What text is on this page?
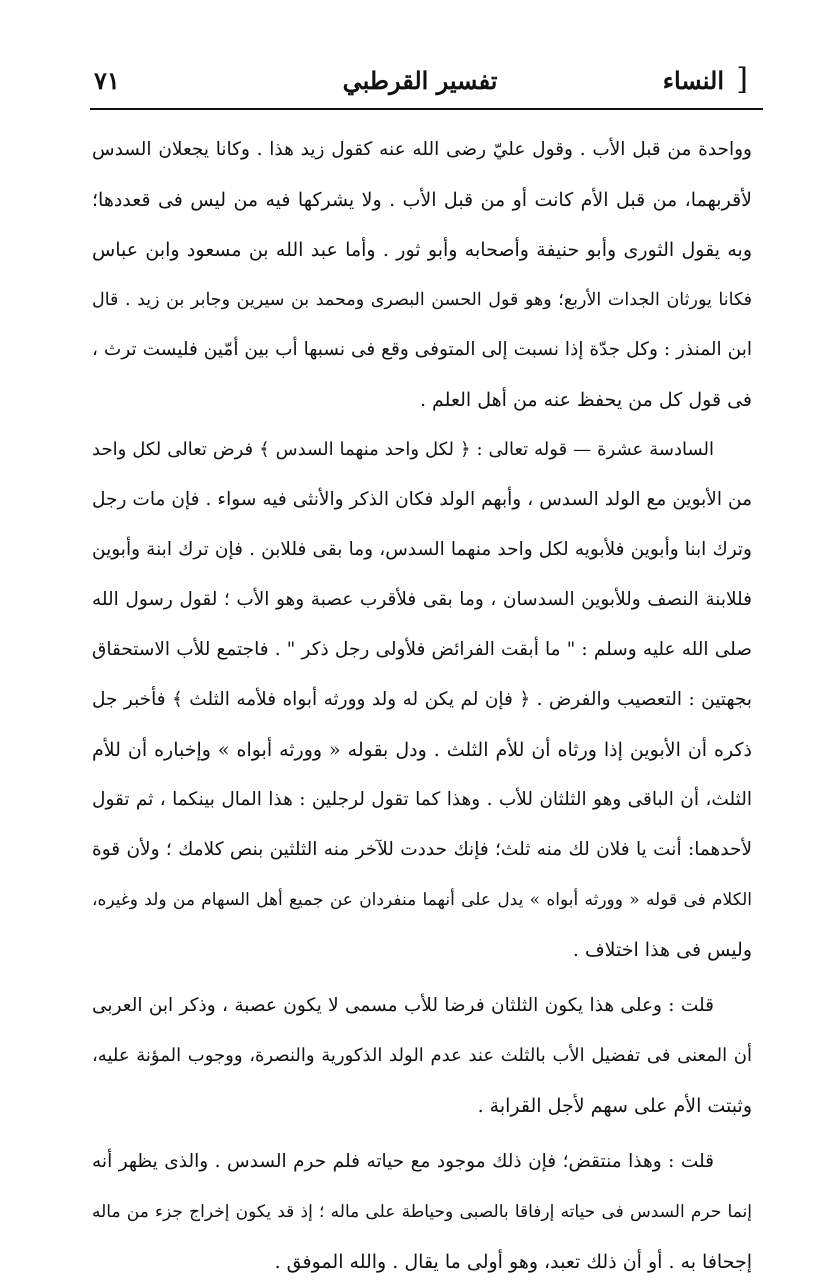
]
النساء
تفسير القرطبي
٧١
وواحدة من قبل الأب . وقول عليّ رضى الله عنه كقول زيد هذا . وكانا يجعلان السدس
لأقربهما، من قبل الأم كانت أو من قبل الأب . ولا يشركها فيه من ليس فى قعددها؛
وبه يقول الثورى وأبو حنيفة وأصحابه وأبو ثور . وأما عبد الله بن مسعود وابن عباس
فكانا يورثان الجدات الأربع؛ وهو قول الحسن البصرى ومحمد بن سيرين وجابر بن زيد . قال
ابن المنذر : وكل جدّة إذا نسبت إلى المتوفى وقع فى نسبها أب بين أمّين فليست ترث ،
فى قول كل من يحفظ عنه من أهل العلم .
السادسة عشرة — قوله تعالى : ﴿ لكل واحد منهما السدس ﴾ فرض تعالى لكل واحد
من الأبوين مع الولد السدس ، وأبهم الولد فكان الذكر والأنثى فيه سواء . فإن مات رجل
وترك ابنا وأبوين فلأبويه لكل واحد منهما السدس، وما بقى فللابن . فإن ترك ابنة وأبوين
فللابنة النصف وللأبوين السدسان ، وما بقى فلأقرب عصبة وهو الأب ؛ لقول رسول الله
صلى الله عليه وسلم : " ما أبقت الفرائض فلأولى رجل ذكر " . فاجتمع للأب الاستحقاق
بجهتين : التعصيب والفرض . ﴿ فإن لم يكن له ولد وورثه أبواه فلأمه الثلث ﴾ فأخبر جل
ذكره أن الأبوين إذا ورثاه أن للأم الثلث . ودل بقوله « وورثه أبواه » وإخباره أن للأم
الثلث، أن الباقى وهو الثلثان للأب . وهذا كما تقول لرجلين : هذا المال بينكما ، ثم تقول
لأحدهما: أنت يا فلان لك منه ثلث؛ فإنك حددت للآخر منه الثلثين بنص كلامك ؛ ولأن قوة
الكلام فى قوله « وورثه أبواه » يدل على أنهما منفردان عن جميع أهل السهام من ولد وغيره،
وليس فى هذا اختلاف .
قلت : وعلى هذا يكون الثلثان فرضا للأب مسمى لا يكون عصبة ، وذكر ابن العربى
أن المعنى فى تفضيل الأب بالثلث عند عدم الولد الذكورية والنصرة، ووجوب المؤنة عليه،
وثبتت الأم على سهم لأجل القرابة .
قلت : وهذا منتقض؛ فإن ذلك موجود مع حياته فلم حرم السدس . والذى يظهر أنه
إنما حرم السدس فى حياته إرفاقا بالصبى وحياطة على ماله ؛ إذ قد يكون إخراج جزء من ماله
إجحافا به . أو أن ذلك تعبد، وهو أولى ما يقال . والله الموفق .
